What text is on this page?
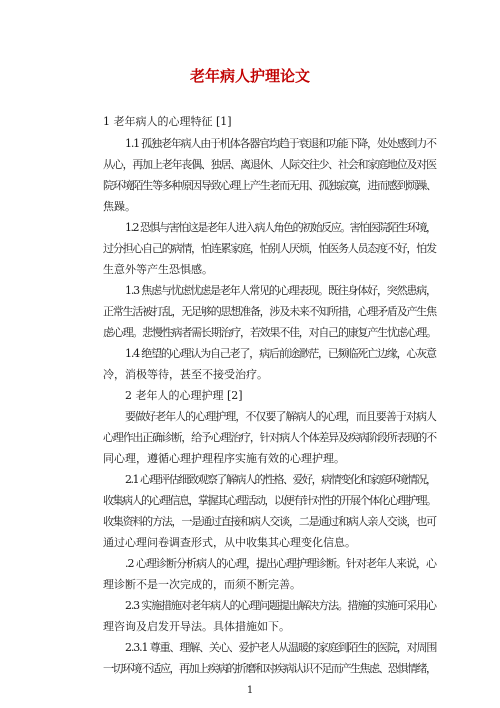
老年病人护理论文
1 老年病人的心理特征 [1]
1.1 孤独老年病人由于机体各器官均趋于衰退和功能下降，处处感到力不
从心，再加上老年丧偶、独居、离退休、人际交往少、社会和家庭地位及对医
院环境陌生等多种原因导致心理上产生老而无用、孤独寂寞，进而感到烦躁、
焦躁。
1.2 恐惧与害怕这是老年人进入病人角色的初始反应。害怕医院陌生环境，
过分担心自己的病情，怕连累家庭，怕别人厌烦，怕医务人员态度不好，怕发
生意外等产生恐惧感。
1.3 焦虑与忧虑忧虑是老年人常见的心理表现。既往身体好，突然患病，
正常生活被打乱，无足够的思想准备，涉及未来不知所措，心理矛盾及产生焦
虑心理。悲慢性病者需长期治疗，若效果不佳，对自己的康复产生忧虑心理。
1.4 绝望的心理认为自己老了，病后前途渺茫，已频临死亡边缘，心灰意
冷，消极等待，甚至不接受治疗。
2 老年人的心理护理 [2]
要做好老年人的心理护理，不仅要了解病人的心理，而且要善于对病人
心理作出正确诊断，给予心理治疗，针对病人个体差异及疾病阶段所表现的不
同心理，遵循心理护理程序实施有效的心理护理。
2.1 心理评估细致观察了解病人的性格、爱好，病情变化和家庭环境情况，
收集病人的心理信息，掌握其心理活动，以便有针对性的开展个体化心理护理。
收集资料的方法，一是通过直接和病人交谈，二是通过和病人亲人交谈，也可
通过心理问卷调查形式，从中收集其心理变化信息。
.2 心理诊断分析病人的心理，提出心理护理诊断。针对老年人来说，心
理诊断不是一次完成的，而须不断完善。
2.3 实施措施对老年病人的心理问题提出解决方法。措施的实施可采用心
理咨询及启发开导法。具体措施如下。
2.3.1 尊重、理解、关心、爱护老人从温暖的家庭到陌生的医院，对周围
一切环境不适应，再加上疾病的折磨和对疾病认识不足而产生焦虑、恐惧情绪，
1
